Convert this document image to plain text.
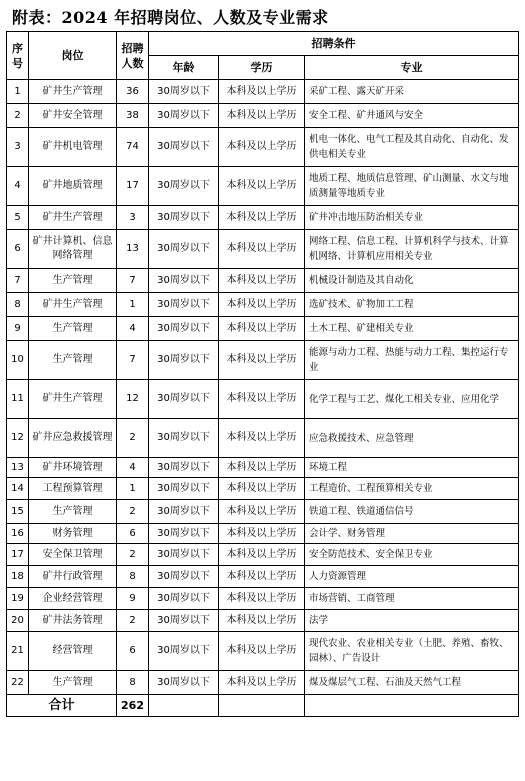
附表：2024 年招聘岗位、人数及专业需求
序号	岗位	招聘人数	招聘条件		
			年龄	学历	专业
1	矿井生产管理	36	30周岁以下	本科及以上学历	采矿工程、露天矿开采
2	矿井安全管理	38	30周岁以下	本科及以上学历	安全工程、矿井通风与安全
3	矿井机电管理	74	30周岁以下	本科及以上学历	机电一体化、电气工程及其自动化、自动化、发供电相关专业
4	矿井地质管理	17	30周岁以下	本科及以上学历	地质工程、地质信息管理、矿山测量、水文与地质测量等地质专业
5	矿井生产管理	3	30周岁以下	本科及以上学历	矿井冲击地压防治相关专业
6	矿井计算机、信息网络管理	13	30周岁以下	本科及以上学历	网络工程、信息工程、计算机科学与技术、计算机网络、计算机应用相关专业
7	生产管理	7	30周岁以下	本科及以上学历	机械设计制造及其自动化
8	矿井生产管理	1	30周岁以下	本科及以上学历	选矿技术、矿物加工工程
9	生产管理	4	30周岁以下	本科及以上学历	土木工程、矿建相关专业
10	生产管理	7	30周岁以下	本科及以上学历	能源与动力工程、热能与动力工程、集控运行专业
11	矿井生产管理	12	30周岁以下	本科及以上学历	化学工程与工艺、煤化工相关专业、应用化学
12	矿井应急救援管理	2	30周岁以下	本科及以上学历	应急救援技术、应急管理
13	矿井环境管理	4	30周岁以下	本科及以上学历	环境工程
14	工程预算管理	1	30周岁以下	本科及以上学历	工程造价、工程预算相关专业
15	生产管理	2	30周岁以下	本科及以上学历	铁道工程、铁道通信信号
16	财务管理	6	30周岁以下	本科及以上学历	会计学、财务管理
17	安全保卫管理	2	30周岁以下	本科及以上学历	安全防范技术、安全保卫专业
18	矿井行政管理	8	30周岁以下	本科及以上学历	人力资源管理
19	企业经营管理	9	30周岁以下	本科及以上学历	市场营销、工商管理
20	矿井法务管理	2	30周岁以下	本科及以上学历	法学
21	经营管理	6	30周岁以下	本科及以上学历	现代农业、农业相关专业（土肥、养殖、畜牧、园林）、广告设计
22	生产管理	8	30周岁以下	本科及以上学历	煤及煤层气工程、石油及天然气工程
合计		262			
